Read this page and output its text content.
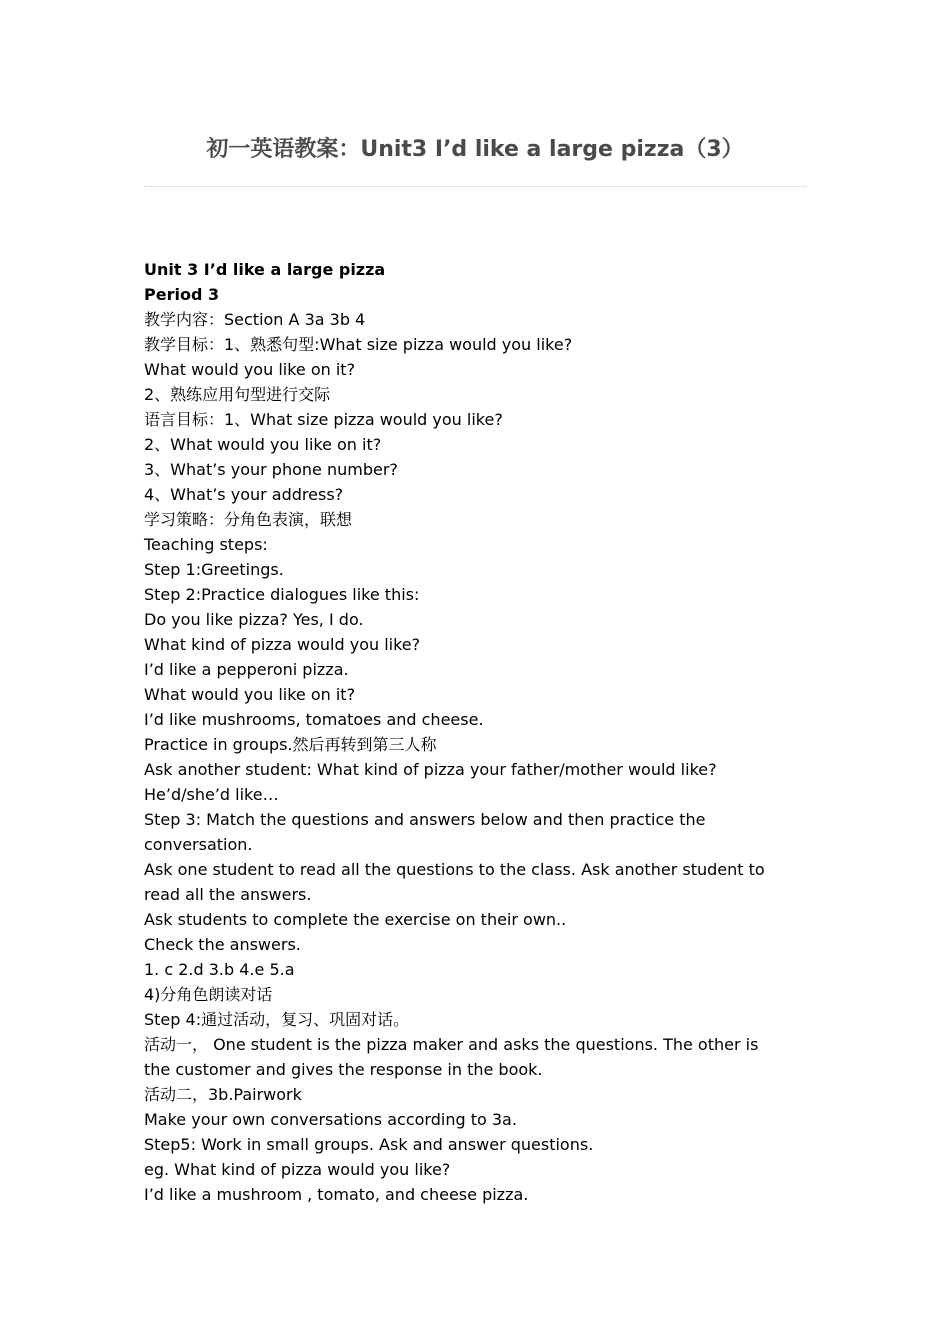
初一英语教案：Unit3 I’d like a large pizza（3）
Unit 3 I’d like a large pizza
Period 3
教学内容：Section A 3a 3b 4
教学目标：1、熟悉句型:What size pizza would you like?
What would you like on it?
2、熟练应用句型进行交际
语言目标：1、What size pizza would you like?
2、What would you like on it?
3、What’s your phone number?
4、What’s your address?
学习策略：分角色表演，联想
Teaching steps:
Step 1:Greetings.
Step 2:Practice dialogues like this:
Do you like pizza? Yes, I do.
What kind of pizza would you like?
I’d like a pepperoni pizza.
What would you like on it?
I’d like mushrooms, tomatoes and cheese.
Practice in groups.然后再转到第三人称
Ask another student: What kind of pizza your father/mother would like?
He’d/she’d like…
Step 3: Match the questions and answers below and then practice the
conversation.
Ask one student to read all the questions to the class. Ask another student to
read all the answers.
Ask students to complete the exercise on their own..
Check the answers.
1. c 2.d 3.b 4.e 5.a
4)分角色朗读对话
Step 4:通过活动，复习、巩固对话。
活动一， One student is the pizza maker and asks the questions. The other is
the customer and gives the response in the book.
活动二，3b.Pairwork
Make your own conversations according to 3a.
Step5: Work in small groups. Ask and answer questions.
eg. What kind of pizza would you like?
I’d like a mushroom , tomato, and cheese pizza.
